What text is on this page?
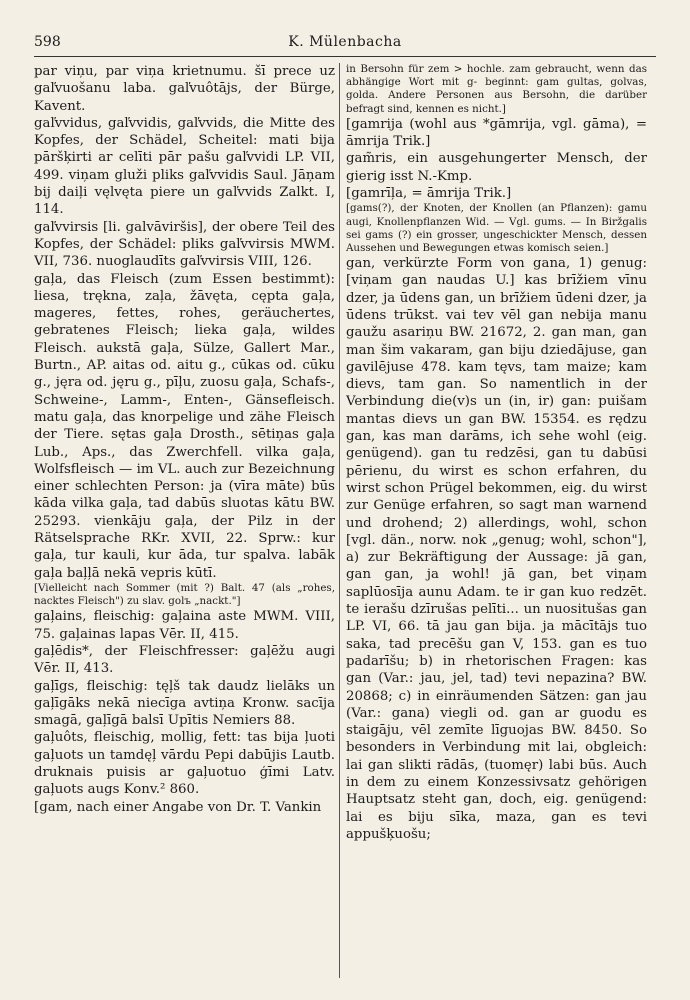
598	K. Mülenbacha

par viņu, par viņa krietnumu. šī prece uz gaľvuošanu laba. gaľvuôtājs, der Bürge, Kavent.

gaľvvidus, gaľvvidis, gaľvvids, die Mitte des Kopfes, der Schädel, Scheitel: mati bija pāršķirti ar celīti pār pašu gaľvvidi LP. VII, 499. viņam gluži pliks gaľvvidis Saul. Jāņam bij daiļi vęlvęta piere un gaľvvids Zalkt. I, 114.

gaľvvirsis [li. galvāviršis], der obere Teil des Kopfes, der Schädel: pliks gaľvvirsis MWM. VII, 736. nuoglaudīts gaľvvirsis VIII, 126.

gaļa, das Fleisch (zum Essen bestimmt): liesa, trękna, zaļa, žāvęta, cępta gaļa, mageres, fettes, rohes, geräuchertes, gebratenes Fleisch; lieka gaļa, wildes Fleisch. aukstā gaļa, Sülze, Gallert Mar., Burtn., AP. aitas od. aitu g., cūkas od. cūku g., jęra od. jęru g., pīļu, zuosu gaļa, Schafs-, Schweine-, Lamm-, Enten-, Gänsefleisch. matu gaļa, das knorpelige und zähe Fleisch der Tiere. sętas gaļa Drosth., sētiņas gaļa Lub., Aps., das Zwerchfell. vilka gaļa, Wolfsfleisch — im VL. auch zur Bezeichnung einer schlechten Person: ja (vīra māte) būs kāda vilka gaļa, tad dabūs sluotas kātu BW. 25293. vienkāju gaļa, der Pilz in der Rätselsprache RKr. XVII, 22. Sprw.: kur gaļa, tur kauli, kur āda, tur spalva. labāk gaļa baļļā nekā vepris kūtī.

[Vielleicht nach Sommer (mit ?) Balt. 47 (als „rohes, nacktes Fleisch") zu slav. golъ „nackt."]

gaļains, fleischig: gaļaina aste MWM. VIII, 75. gaļainas lapas Vēr. II, 415.

gaļēdis*, der Fleischfresser: gaļēžu augi Vēr. II, 413.

gaļīgs, fleischig: tęļš tak daudz lielāks un gaļīgāks nekā niecīga avtiņa Kronw. sacīja smagā, gaļīgā balsī Upītis Nemiers 88.

gaļuôts, fleischig, mollig, fett: tas bija ļuoti gaļuots un tamdęļ vārdu Pepi dabūjis Lautb. druknais puisis ar gaļuotuo ģīmi Latv. gaļuots augs Konv.² 860.

[gam, nach einer Angabe von Dr. T. Vankin

in Bersohn für zem > hochle. zam gebraucht, wenn das abhängige Wort mit g- beginnt: gam gultas, golvas, golda. Andere Personen aus Bersohn, die darüber befragt sind, kennen es nicht.]

[gamrija (wohl aus *gāmrija, vgl. gāma), = āmrija Trik.]

gam̃ris, ein ausgehungerter Mensch, der gierig isst N.-Kmp.

[gamrīļa, = āmrija Trik.]

[gams(?), der Knoten, der Knollen (an Pflanzen): gamu augi, Knollenpflanzen Wid. — Vgl. gums. — In Biržgalis sei gams (?) ein grosser, ungeschickter Mensch, dessen Aussehen und Bewegungen etwas komisch seien.]

gan, verkürzte Form von gana, 1) genug: [viņam gan naudas U.] kas brīžiem vīnu dzer, ja ūdens gan, un brīžiem ūdeni dzer, ja ūdens trūkst. vai tev vēl gan nebija manu gaužu asariņu BW. 21672, 2. gan man, gan man šim vakaram, gan biju dziedājuse, gan gavilējuse 478. kam tęvs, tam maize; kam dievs, tam gan. So namentlich in der Verbindung die(v)s un (in, ir) gan: puišam mantas dievs un gan BW. 15354. es rędzu gan, kas man darāms, ich sehe wohl (eig. genügend). gan tu redzēsi, gan tu dabūsi pērienu, du wirst es schon erfahren, du wirst schon Prügel bekommen, eig. du wirst zur Genüge erfahren, so sagt man warnend und drohend; 2) allerdings, wohl, schon [vgl. dän., norw. nok „genug; wohl, schon"], a) zur Bekräftigung der Aussage: jā gan, gan gan, ja wohl! jā gan, bet viņam saplūosīja aunu Adam. te ir gan kuo redzēt. te ierašu dzīrušas pelīti... un nuositušas gan LP. VI, 66. tā jau gan bija. ja mācītājs tuo saka, tad precēšu gan V, 153. gan es tuo padarīšu; b) in rhetorischen Fragen: kas gan (Var.: jau, jel, tad) tevi nepazina? BW. 20868; c) in einräumenden Sätzen: gan jau (Var.: gana) viegli od. gan ar guodu es staigāju, vēl zemīte līguojas BW. 8450. So besonders in Verbindung mit lai, obgleich: lai gan slikti rādās, (tuomęr) labi būs. Auch in dem zu einem Konzessivsatz gehörigen Hauptsatz steht gan, doch, eig. genügend: lai es biju sīka, maza, gan es tevi appušķuošu;
